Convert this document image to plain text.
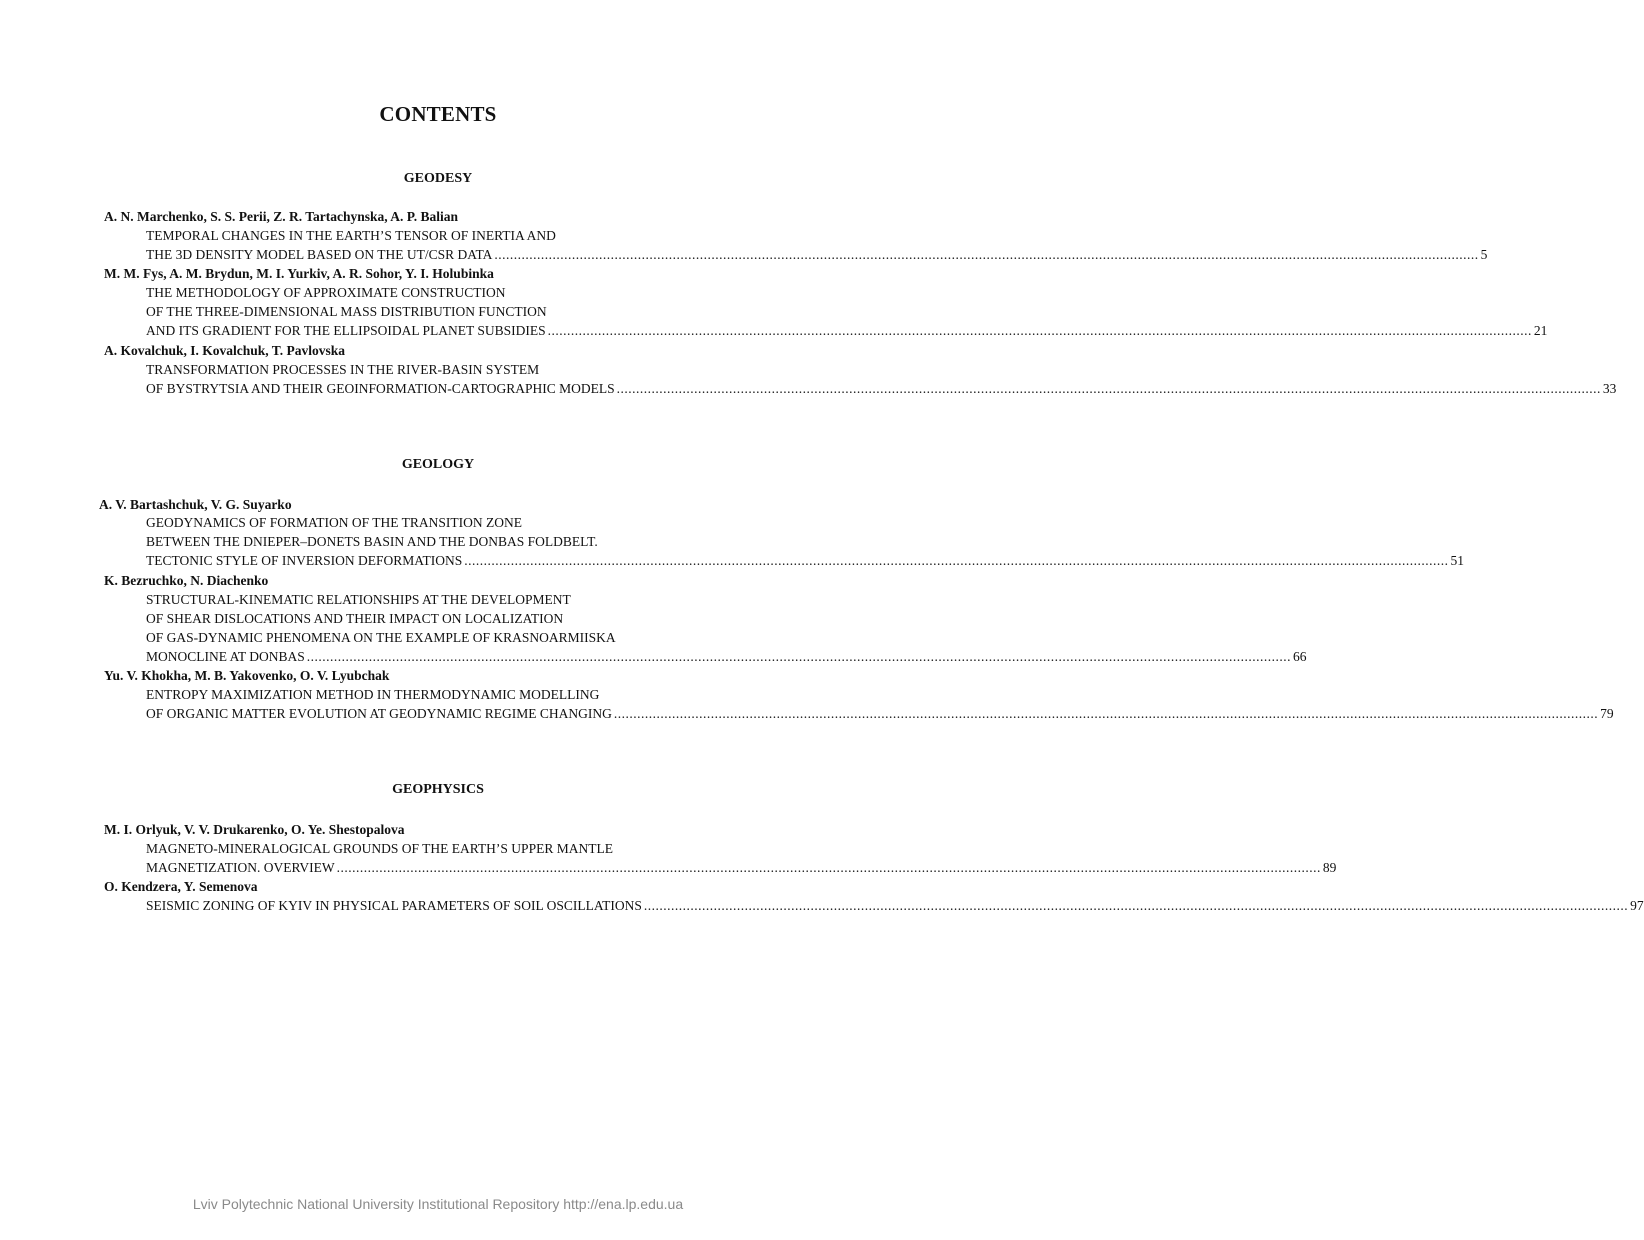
CONTENTS
GEODESY
A. N. Marchenko, S. S. Perii, Z. R. Tartachynska, A. P. Balian
TEMPORAL CHANGES IN THE EARTH’S TENSOR OF INERTIA AND
THE 3D DENSITY MODEL BASED ON THE UT/CSR DATA .............................................................................................................................................................................................................................................................. 5
M. M. Fys, A. M. Brydun, M. I. Yurkiv, A. R. Sohor, Y. I. Holubinka
THE METHODOLOGY OF APPROXIMATE CONSTRUCTION
OF THE THREE-DIMENSIONAL MASS DISTRIBUTION FUNCTION
AND ITS GRADIENT FOR THE ELLIPSOIDAL PLANET SUBSIDIES .............................................................................................................................................................................................................................................................. 21
A. Kovalchuk, I. Kovalchuk, T. Pavlovska
TRANSFORMATION PROCESSES IN THE RIVER-BASIN SYSTEM
OF BYSTRYTSIA AND THEIR GEOINFORMATION-CARTOGRAPHIC MODELS .............................................................................................................................................................................................................................................................. 33
GEOLOGY
A. V. Bartashchuk, V. G. Suyarko
GEODYNAMICS OF FORMATION OF THE TRANSITION ZONE
BETWEEN THE DNIEPER–DONETS BASIN AND THE DONBAS FOLDBELT.
TECTONIC STYLE OF INVERSION DEFORMATIONS .............................................................................................................................................................................................................................................................. 51
K. Bezruchko, N. Diachenko
STRUCTURAL-KINEMATIC RELATIONSHIPS AT THE DEVELOPMENT
OF SHEAR DISLOCATIONS AND THEIR IMPACT ON LOCALIZATION
OF GAS-DYNAMIC PHENOMENA ON THE EXAMPLE OF KRASNOARMIISKA
MONOCLINE AT DONBAS .............................................................................................................................................................................................................................................................. 66
Yu. V. Khokha, M. B. Yakovenko, O. V. Lyubchak
ENTROPY MAXIMIZATION METHOD IN THERMODYNAMIC MODELLING
OF ORGANIC MATTER EVOLUTION AT GEODYNAMIC REGIME CHANGING .............................................................................................................................................................................................................................................................. 79
GEOPHYSICS
M. I. Orlyuk, V. V. Drukarenko, O. Ye. Shestopalova
MAGNETO-MINERALOGICAL GROUNDS OF THE EARTH’S UPPER MANTLE
MAGNETIZATION. OVERVIEW .............................................................................................................................................................................................................................................................. 89
O. Kendzera, Y. Semenova
SEISMIC ZONING OF KYIV IN PHYSICAL PARAMETERS OF SOIL OSCILLATIONS .............................................................................................................................................................................................................................................................. 97
Lviv Polytechnic National University Institutional Repository http://ena.lp.edu.ua
